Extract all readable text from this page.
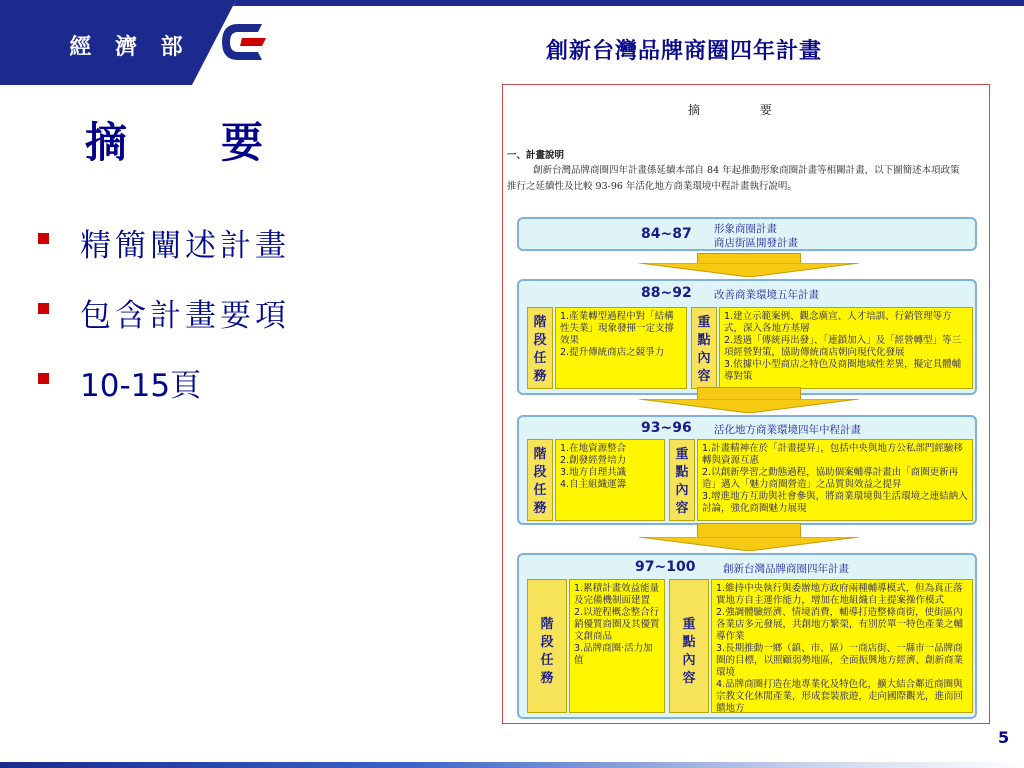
經 濟 部	創新台灣品牌商圈四年計畫
摘 要
精簡闡述計畫
包含計畫要項
10-15頁
摘 要
一、計畫說明
創新台灣品牌商圈四年計畫係延續本部自 84 年起推動形象商圈計畫等相關計畫，以下圖簡述本項政策推行之延續性及比較 93-96 年活化地方商業環境中程計畫執行說明。
84~87 形象商圈計畫
商店街區開發計畫
88~92 改善商業環境五年計畫
階段任務
1.產業轉型過程中對「結構性失業」現象發揮一定支撐效果
2.提升傳統商店之競爭力
重點內容
1.建立示範案例、觀念廣宣、人才培訓、行銷管理等方式，深入各地方基層
2.透過「傳統再出發」、「連鎖加入」及「經營轉型」等三項經營對策，協助傳統商店朝向現代化發展
3.依據中小型商店之特色及商圈地域性差異，擬定具體輔導對策
93~96 活化地方商業環境四年中程計畫
階段任務
1.在地資源整合
2.創發經營培力
3.地方自理共識
4.自主組織運籌
重點內容
1.計畫精神在於「計畫提昇」，包括中央與地方公私部門經驗移轉與資源互惠
2.以創新學習之動態過程，協助個案輔導計畫由「商圈更新再造」邁入「魅力商圈營造」之品質與效益之提昇
3.增進地方互助與社會參與，將商業環境與生活環境之連結納入討論，強化商圈魅力展現
97~100	創新台灣品牌商圈四年計畫
階段任務
1.累積計畫效益能量及完備機制面建置
2.以遊程概念整合行銷優質商圈及其優質文創商品
3.品牌商圈‧活力加值
重點內容
1.維持中央執行與委辦地方政府兩種輔導模式，但為真正落實地方自主運作能力，增加在地組織自主提案操作模式
2.強調體驗經濟、情境消費，輔導打造整條商街，使街區內各業店多元發展，共創地方繁榮，有別於單一特色產業之輔導作業
3.長期推動一鄉（鎮、市、區）一商店街、一縣市一品牌商圈的目標，以照顧弱勢地區，全面振興地方經濟、創新商業環境
4.品牌商圈打造在地專業化及特色化，擴大結合鄰近商圈與宗教文化休閒產業，形成套裝旅遊，走向國際觀光，進而回饋地方
5
